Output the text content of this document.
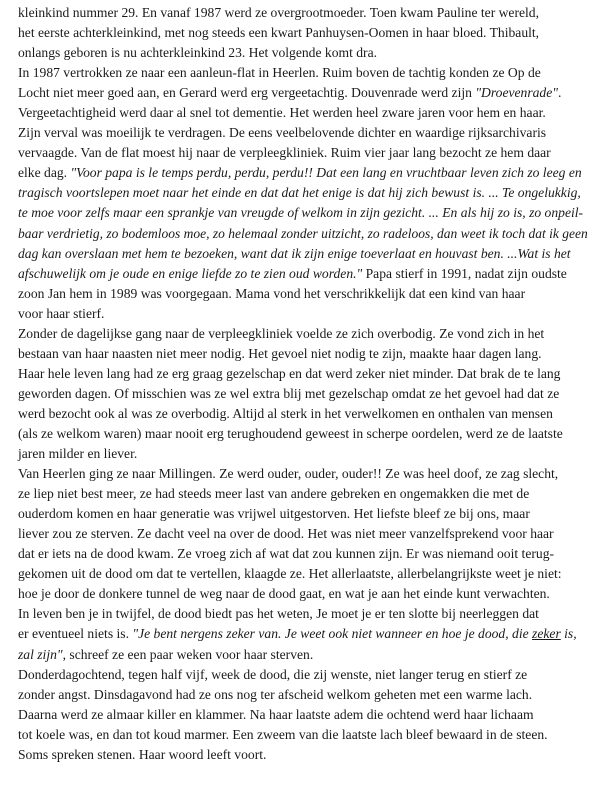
kleinkind nummer 29. En vanaf 1987 werd ze overgrootmoeder. Toen kwam Pauline ter wereld,
het eerste achterkleinkind, met nog steeds een kwart Panhuysen-Oomen in haar bloed. Thibault,
onlangs geboren is nu achterkleinkind 23. Het volgende komt dra.
In 1987 vertrokken ze naar een aanleun-flat in Heerlen. Ruim boven de tachtig konden ze Op de
Locht niet meer goed aan, en Gerard werd erg vergeetachtig. Douvenrade werd zijn "Droevenrade".
Vergeetachtigheid werd daar al snel tot dementie. Het werden heel zware jaren voor hem en haar.
Zijn verval was moeilijk te verdragen. De eens veelbelovende dichter en waardige rijksarchivaris
vervaagde. Van de flat moest hij naar de verpleegkliniek. Ruim vier jaar lang bezocht ze hem daar
elke dag. "Voor papa is le temps perdu, perdu, perdu!! Dat een lang en vruchtbaar leven zich zo leeg en
tragisch voortslepen moet naar het einde en dat dat het enige is dat hij zich bewust is. ... Te ongelukkig,
te moe voor zelfs maar een sprankje van vreugde of welkom in zijn gezicht. ... En als hij zo is, zo onpeil-
baar verdrietig, zo bodemloos moe, zo helemaal zonder uitzicht, zo radeloos, dan weet ik toch dat ik geen
dag kan overslaan met hem te bezoeken, want dat ik zijn enige toeverlaat en houvast ben. ...Wat is het
afschuwelijk om je oude en enige liefde zo te zien oud worden." Papa stierf in 1991, nadat zijn oudste
zoon Jan hem in 1989 was voorgegaan. Mama vond het verschrikkelijk dat een kind van haar
voor haar stierf.
Zonder de dagelijkse gang naar de verpleegkliniek voelde ze zich overbodig. Ze vond zich in het
bestaan van haar naasten niet meer nodig. Het gevoel niet nodig te zijn, maakte haar dagen lang.
Haar hele leven lang had ze erg graag gezelschap en dat werd zeker niet minder. Dat brak de te lang
geworden dagen. Of misschien was ze wel extra blij met gezelschap omdat ze het gevoel had dat ze
werd bezocht ook al was ze overbodig. Altijd al sterk in het verwelkomen en onthalen van mensen
(als ze welkom waren) maar nooit erg terughoudend geweest in scherpe oordelen, werd ze de laatste
jaren milder en liever.
Van Heerlen ging ze naar Millingen. Ze werd ouder, ouder, ouder!! Ze was heel doof, ze zag slecht,
ze liep niet best meer, ze had steeds meer last van andere gebreken en ongemakken die met de
ouderdom komen en haar generatie was vrijwel uitgestorven. Het liefste bleef ze bij ons, maar
liever zou ze sterven. Ze dacht veel na over de dood. Het was niet meer vanzelfsprekend voor haar
dat er iets na de dood kwam. Ze vroeg zich af wat dat zou kunnen zijn. Er was niemand ooit terug-
gekomen uit de dood om dat te vertellen, klaagde ze. Het allerlaatste, allerbelangrijkste weet je niet:
hoe je door de donkere tunnel de weg naar de dood gaat, en wat je aan het einde kunt verwachten.
In leven ben je in twijfel, de dood biedt pas het weten, Je moet je er ten slotte bij neerleggen dat
er eventueel niets is. "Je bent nergens zeker van. Je weet ook niet wanneer en hoe je dood, die zeker is,
zal zijn", schreef ze een paar weken voor haar sterven.
Donderdagochtend, tegen half vijf, week de dood, die zij wenste, niet langer terug en stierf ze
zonder angst. Dinsdagavond had ze ons nog ter afscheid welkom geheten met een warme lach.
Daarna werd ze almaar killer en klammer. Na haar laatste adem die ochtend werd haar lichaam
tot koele was, en dan tot koud marmer. Een zweem van die laatste lach bleef bewaard in de steen.
Soms spreken stenen. Haar woord leeft voort.
